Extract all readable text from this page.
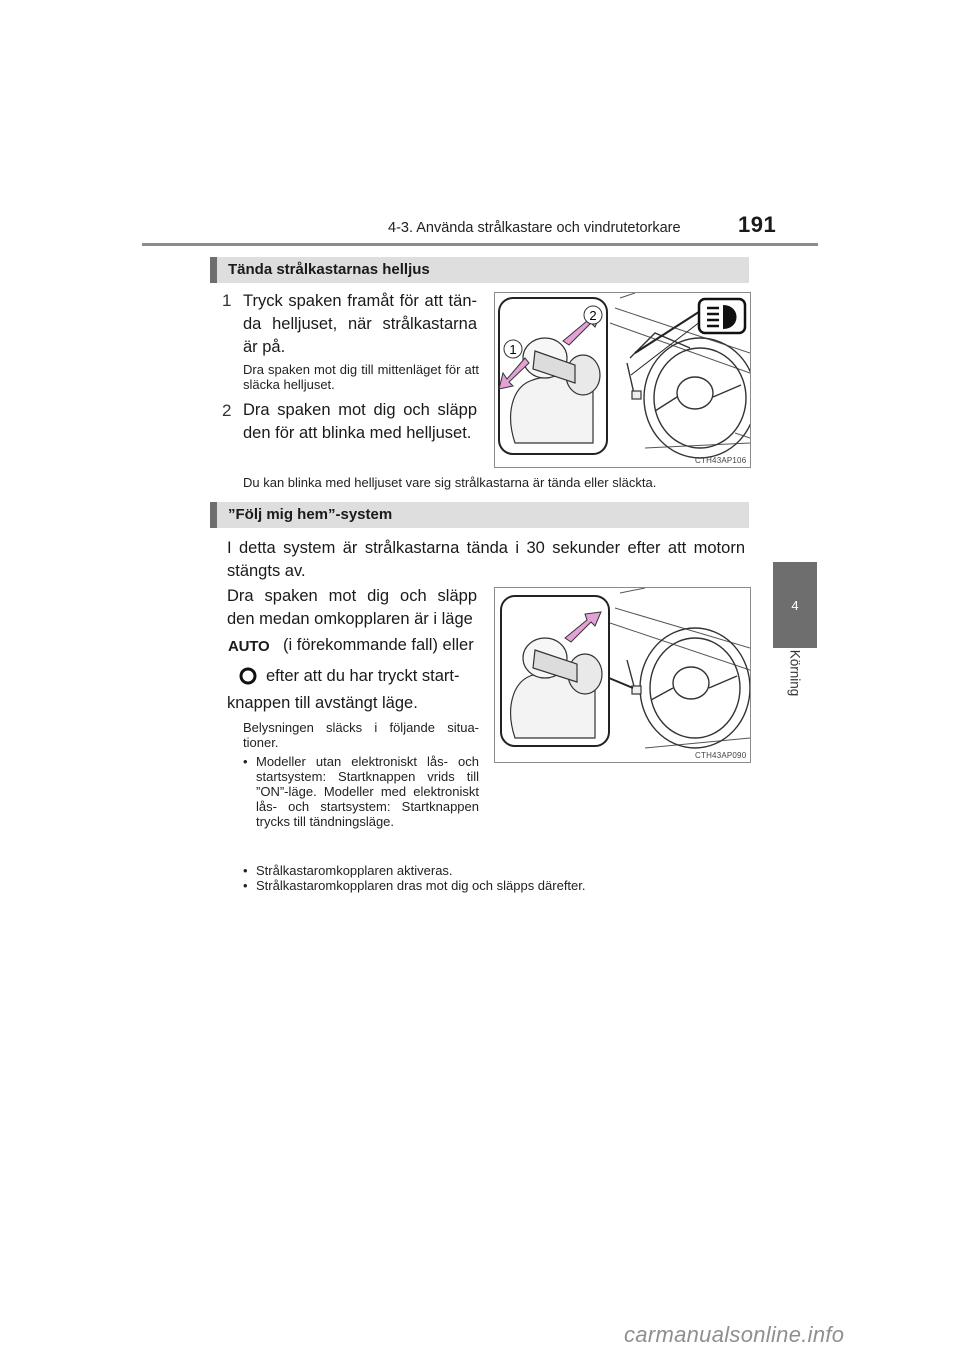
4-3. Använda strålkastare och vindrutetorkare	191
4
Körning
Tända strålkastarnas helljus
1 Tryck spaken framåt för att tän-da helljuset, när strålkastarna är på.
Dra spaken mot dig till mittenläget för att släcka helljuset.
2 Dra spaken mot dig och släpp den för att blinka med helljuset.
2
1
CTH43AP106
Du kan blinka med helljuset vare sig strålkastarna är tända eller släckta.
”Följ mig hem”-system
I detta system är strålkastarna tända i 30 sekunder efter att motorn stängts av.
Dra spaken mot dig och släpp den medan omkopplaren är i läge
AUTO (i förekommande fall) eller
efter att du har tryckt start-
knappen till avstängt läge.
Belysningen släcks i följande situa-tioner.
• Modeller utan elektroniskt lås- och startsystem: Startknappen vrids till ”ON”-läge. Modeller med elektroniskt lås- och startsystem: Startknappen trycks till tändningsläge.
• Strålkastaromkopplaren aktiveras.
• Strålkastaromkopplaren dras mot dig och släpps därefter.
CTH43AP090
carmanualsonline.info
